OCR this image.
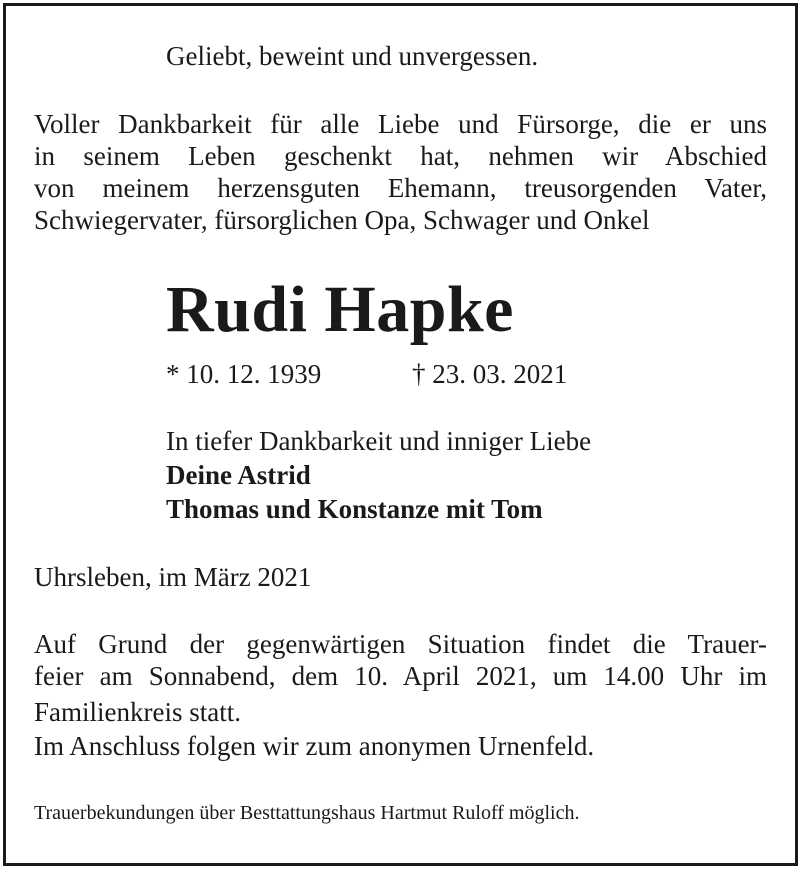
Geliebt, beweint und unvergessen.
Voller Dankbarkeit für alle Liebe und Fürsorge, die er uns
in seinem Leben geschenkt hat, nehmen wir Abschied
von meinem herzensguten Ehemann, treusorgenden Vater,
Schwiegervater, fürsorglichen Opa, Schwager und Onkel
Rudi Hapke
* 10. 12. 1939	† 23. 03. 2021
In tiefer Dankbarkeit und inniger Liebe
Deine Astrid
Thomas und Konstanze mit Tom
Uhrsleben, im März 2021
Auf Grund der gegenwärtigen Situation findet die Trauer-
feier am Sonnabend, dem 10. April 2021, um 14.00 Uhr im
Familienkreis statt.
Im Anschluss folgen wir zum anonymen Urnenfeld.
Trauerbekundungen über Besttattungshaus Hartmut Ruloff möglich.
